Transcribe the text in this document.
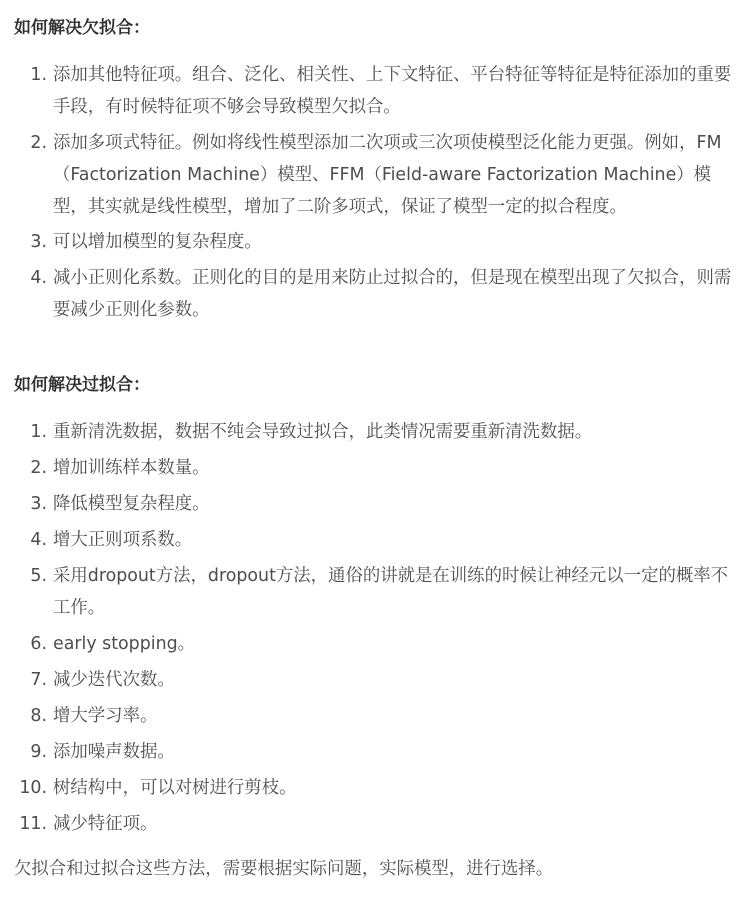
如何解决欠拟合：
1. 添加其他特征项。组合、泛化、相关性、上下文特征、平台特征等特征是特征添加的重要手段，有时候特征项不够会导致模型欠拟合。
2. 添加多项式特征。例如将线性模型添加二次项或三次项使模型泛化能力更强。例如，FM（Factorization Machine）模型、FFM（Field-aware Factorization Machine）模型，其实就是线性模型，增加了二阶多项式，保证了模型一定的拟合程度。
3. 可以增加模型的复杂程度。
4. 减小正则化系数。正则化的目的是用来防止过拟合的，但是现在模型出现了欠拟合，则需要减少正则化参数。
如何解决过拟合：
1. 重新清洗数据，数据不纯会导致过拟合，此类情况需要重新清洗数据。
2. 增加训练样本数量。
3. 降低模型复杂程度。
4. 增大正则项系数。
5. 采用dropout方法，dropout方法，通俗的讲就是在训练的时候让神经元以一定的概率不工作。
6. early stopping。
7. 减少迭代次数。
8. 增大学习率。
9. 添加噪声数据。
10. 树结构中，可以对树进行剪枝。
11. 减少特征项。

欠拟合和过拟合这些方法，需要根据实际问题，实际模型，进行选择。
